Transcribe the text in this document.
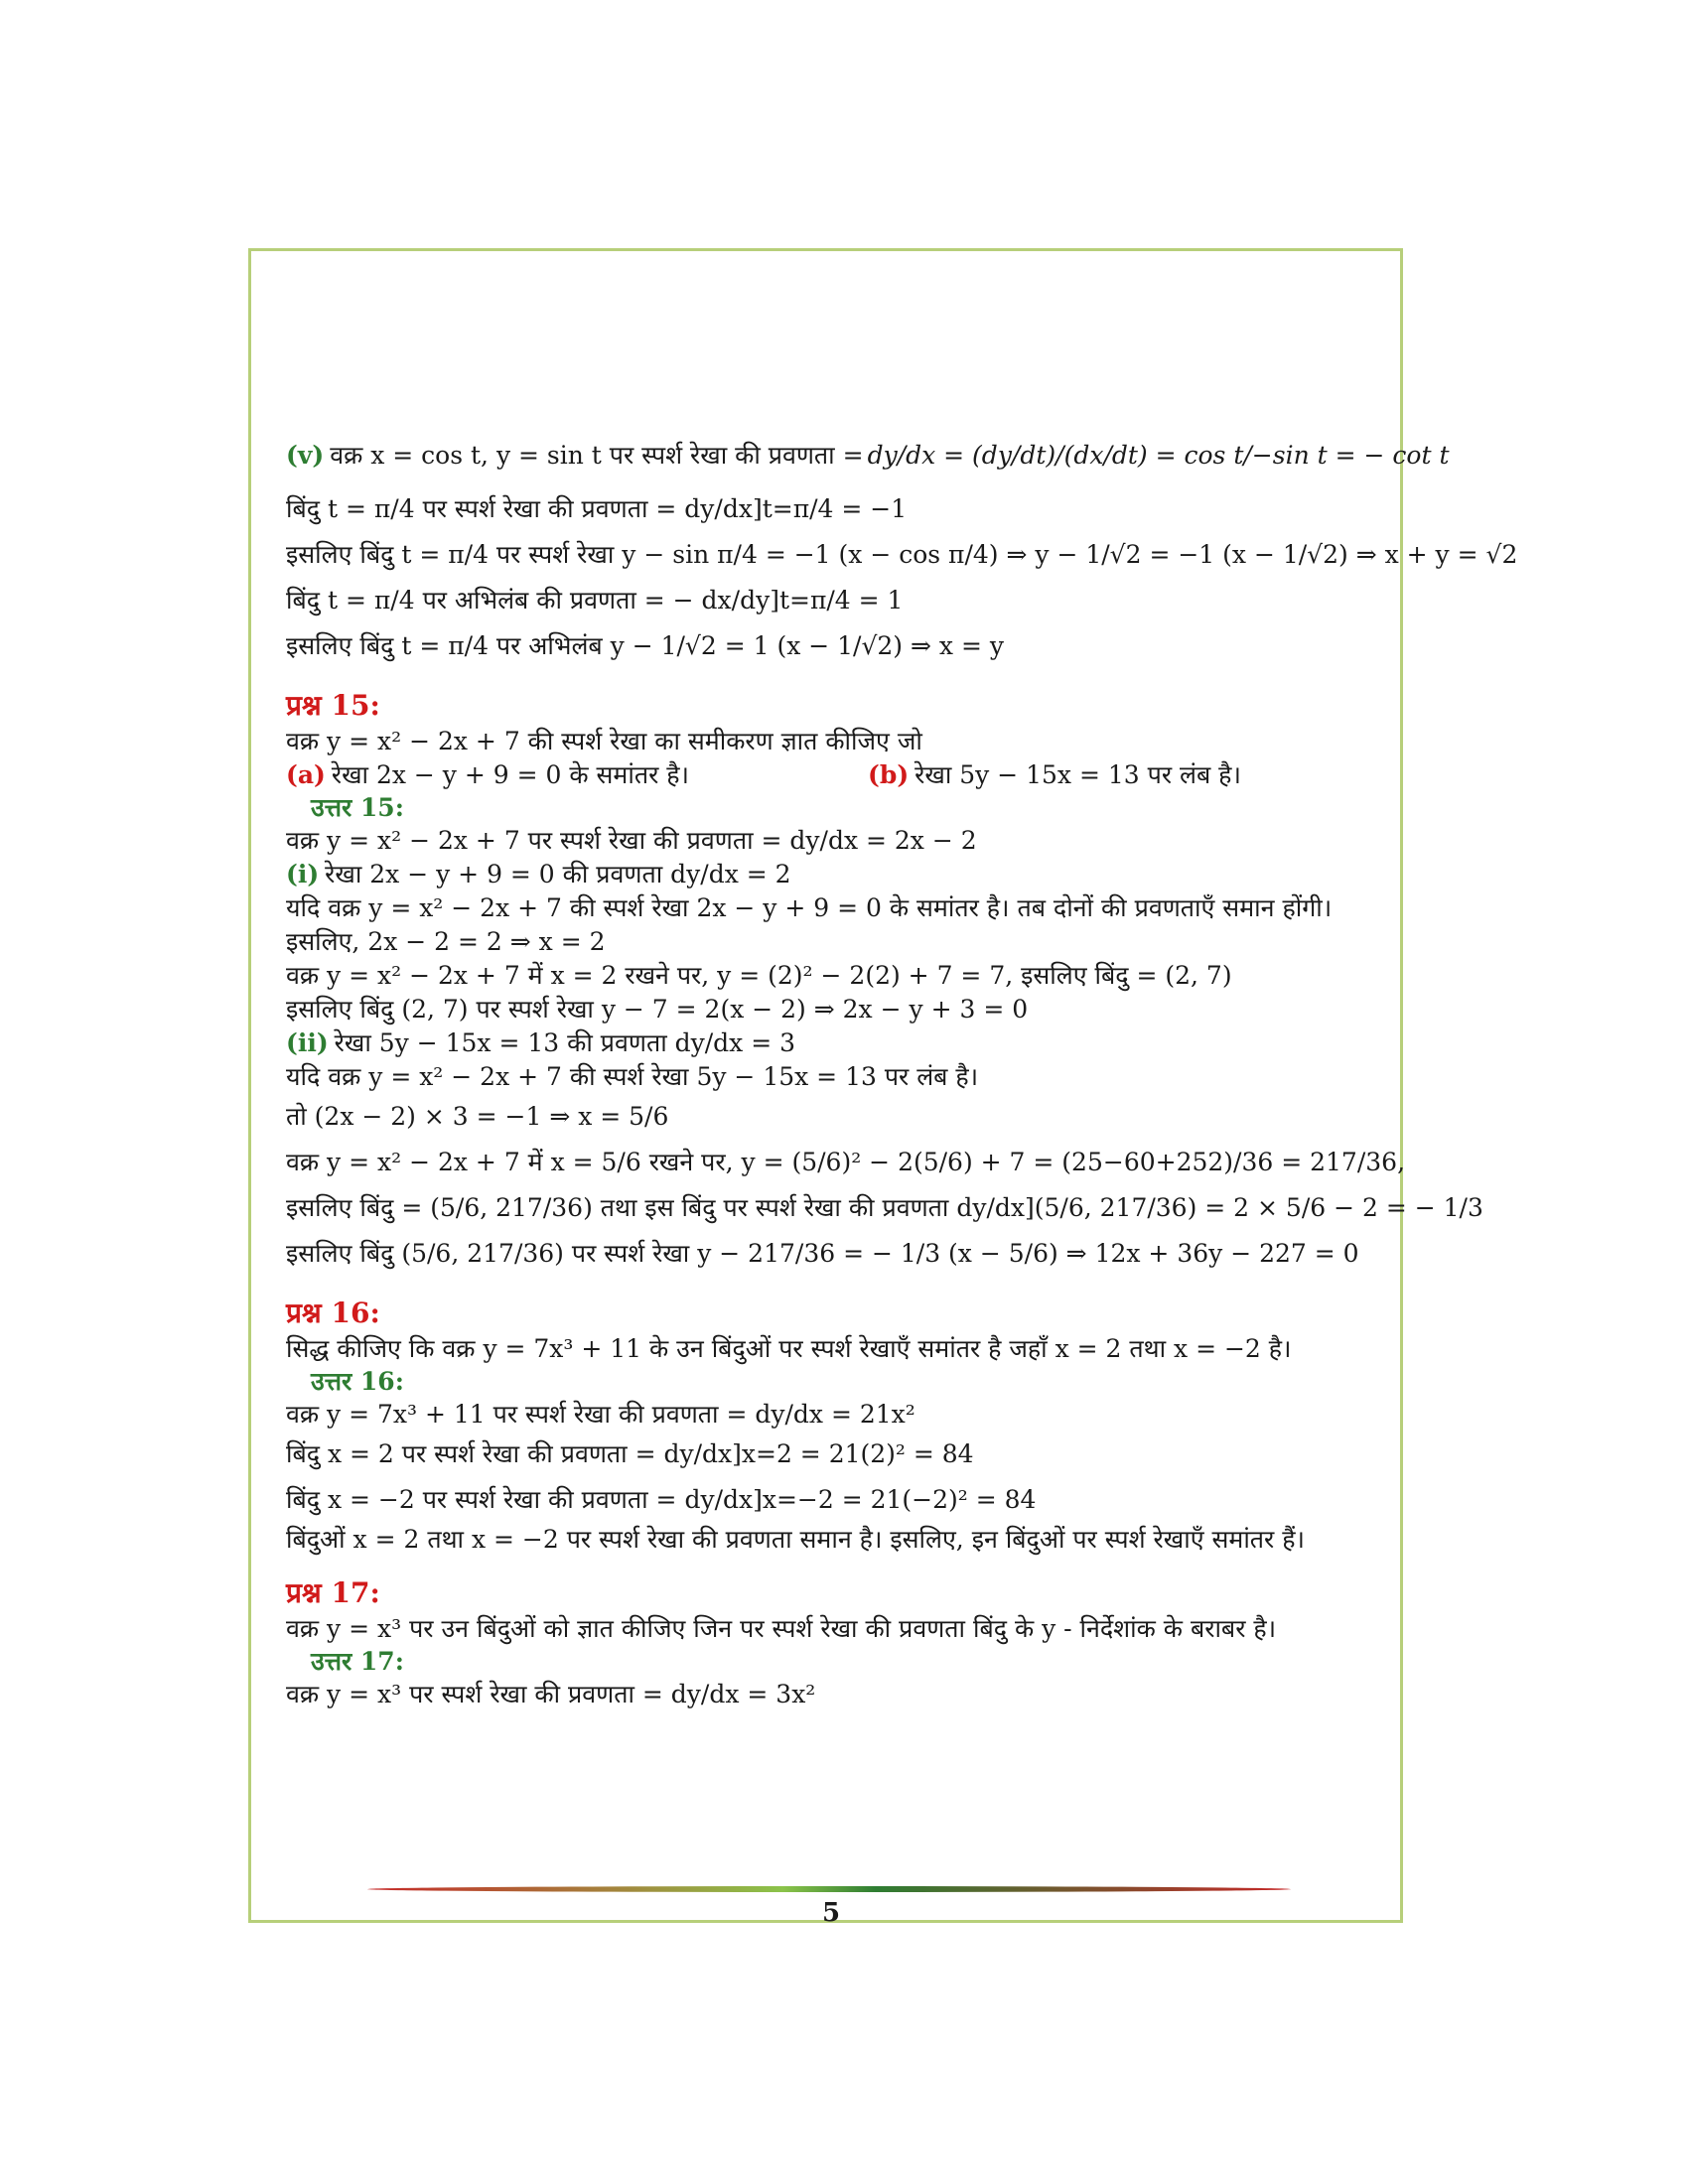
(v) वक्र x = cos t, y = sin t पर स्पर्श रेखा की प्रवणता = dy/dx = (dy/dt)/(dx/dt) = cos t/−sin t = − cot t
बिंदु t = π/4 पर स्पर्श रेखा की प्रवणता = dy/dx]t=π/4 = −1
इसलिए बिंदु t = π/4 पर स्पर्श रेखा y − sin π/4 = −1 (x − cos π/4) ⇒ y − 1/√2 = −1 (x − 1/√2) ⇒ x + y = √2
बिंदु t = π/4 पर अभिलंब की प्रवणता = − dx/dy]t=π/4 = 1
इसलिए बिंदु t = π/4 पर अभिलंब y − 1/√2 = 1 (x − 1/√2) ⇒ x = y
प्रश्न 15:
वक्र y = x² − 2x + 7 की स्पर्श रेखा का समीकरण ज्ञात कीजिए जो
(a) रेखा 2x − y + 9 = 0 के समांतर है।	(b) रेखा 5y − 15x = 13 पर लंब है।
उत्तर 15:
वक्र y = x² − 2x + 7 पर स्पर्श रेखा की प्रवणता = dy/dx = 2x − 2
(i) रेखा 2x − y + 9 = 0 की प्रवणता dy/dx = 2
यदि वक्र y = x² − 2x + 7 की स्पर्श रेखा 2x − y + 9 = 0 के समांतर है। तब दोनों की प्रवणताएँ समान होंगी।
इसलिए, 2x − 2 = 2 ⇒ x = 2
वक्र y = x² − 2x + 7 में x = 2 रखने पर, y = (2)² − 2(2) + 7 = 7, इसलिए बिंदु = (2, 7)
इसलिए बिंदु (2, 7) पर स्पर्श रेखा y − 7 = 2(x − 2) ⇒ 2x − y + 3 = 0
(ii) रेखा 5y − 15x = 13 की प्रवणता dy/dx = 3
यदि वक्र y = x² − 2x + 7 की स्पर्श रेखा 5y − 15x = 13 पर लंब है।
तो (2x − 2) × 3 = −1 ⇒ x = 5/6
वक्र y = x² − 2x + 7 में x = 5/6 रखने पर, y = (5/6)² − 2(5/6) + 7 = (25−60+252)/36 = 217/36,
इसलिए बिंदु = (5/6, 217/36) तथा इस बिंदु पर स्पर्श रेखा की प्रवणता dy/dx](5/6, 217/36) = 2 × 5/6 − 2 = − 1/3
इसलिए बिंदु (5/6, 217/36) पर स्पर्श रेखा y − 217/36 = − 1/3 (x − 5/6) ⇒ 12x + 36y − 227 = 0
प्रश्न 16:
सिद्ध कीजिए कि वक्र y = 7x³ + 11 के उन बिंदुओं पर स्पर्श रेखाएँ समांतर है जहाँ x = 2 तथा x = −2 है।
उत्तर 16:
वक्र y = 7x³ + 11 पर स्पर्श रेखा की प्रवणता = dy/dx = 21x²
बिंदु x = 2 पर स्पर्श रेखा की प्रवणता = dy/dx]x=2 = 21(2)² = 84
बिंदु x = −2 पर स्पर्श रेखा की प्रवणता = dy/dx]x=−2 = 21(−2)² = 84
बिंदुओं x = 2 तथा x = −2 पर स्पर्श रेखा की प्रवणता समान है। इसलिए, इन बिंदुओं पर स्पर्श रेखाएँ समांतर हैं।
प्रश्न 17:
वक्र y = x³ पर उन बिंदुओं को ज्ञात कीजिए जिन पर स्पर्श रेखा की प्रवणता बिंदु के y - निर्देशांक के बराबर है।
उत्तर 17:
वक्र y = x³ पर स्पर्श रेखा की प्रवणता = dy/dx = 3x²
5
